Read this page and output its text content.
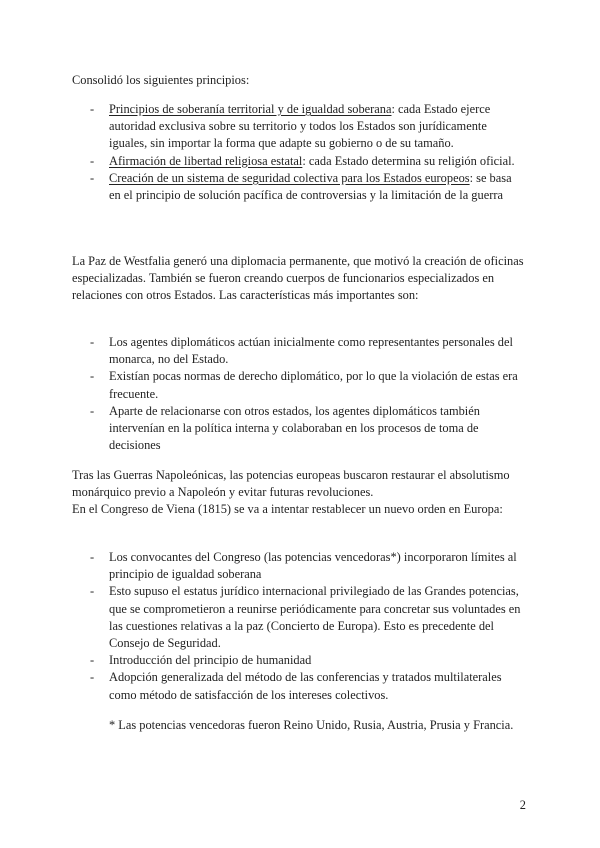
Consolidó los siguientes principios:

- Principios de soberanía territorial y de igualdad soberana: cada Estado ejerce autoridad exclusiva sobre su territorio y todos los Estados son jurídicamente iguales, sin importar la forma que adapte su gobierno o de su tamaño.
- Afirmación de libertad religiosa estatal: cada Estado determina su religión oficial.
- Creación de un sistema de seguridad colectiva para los Estados europeos: se basa en el principio de solución pacífica de controversias y la limitación de la guerra

La Paz de Westfalia generó una diplomacia permanente, que motivó la creación de oficinas especializadas. También se fueron creando cuerpos de funcionarios especializados en relaciones con otros Estados. Las características más importantes son:

- Los agentes diplomáticos actúan inicialmente como representantes personales del monarca, no del Estado.
- Existían pocas normas de derecho diplomático, por lo que la violación de estas era frecuente.
- Aparte de relacionarse con otros estados, los agentes diplomáticos también intervenían en la política interna y colaboraban en los procesos de toma de decisiones

Tras las Guerras Napoleónicas, las potencias europeas buscaron restaurar el absolutismo monárquico previo a Napoleón y evitar futuras revoluciones.

En el Congreso de Viena (1815) se va a intentar restablecer un nuevo orden en Europa:

- Los convocantes del Congreso (las potencias vencedoras*) incorporaron límites al principio de igualdad soberana
- Esto supuso el estatus jurídico internacional privilegiado de las Grandes potencias, que se comprometieron a reunirse periódicamente para concretar sus voluntades en las cuestiones relativas a la paz (Concierto de Europa). Esto es precedente del Consejo de Seguridad.
- Introducción del principio de humanidad
- Adopción generalizada del método de las conferencias y tratados multilaterales como método de satisfacción de los intereses colectivos.

* Las potencias vencedoras fueron Reino Unido, Rusia, Austria, Prusia y Francia.

2
